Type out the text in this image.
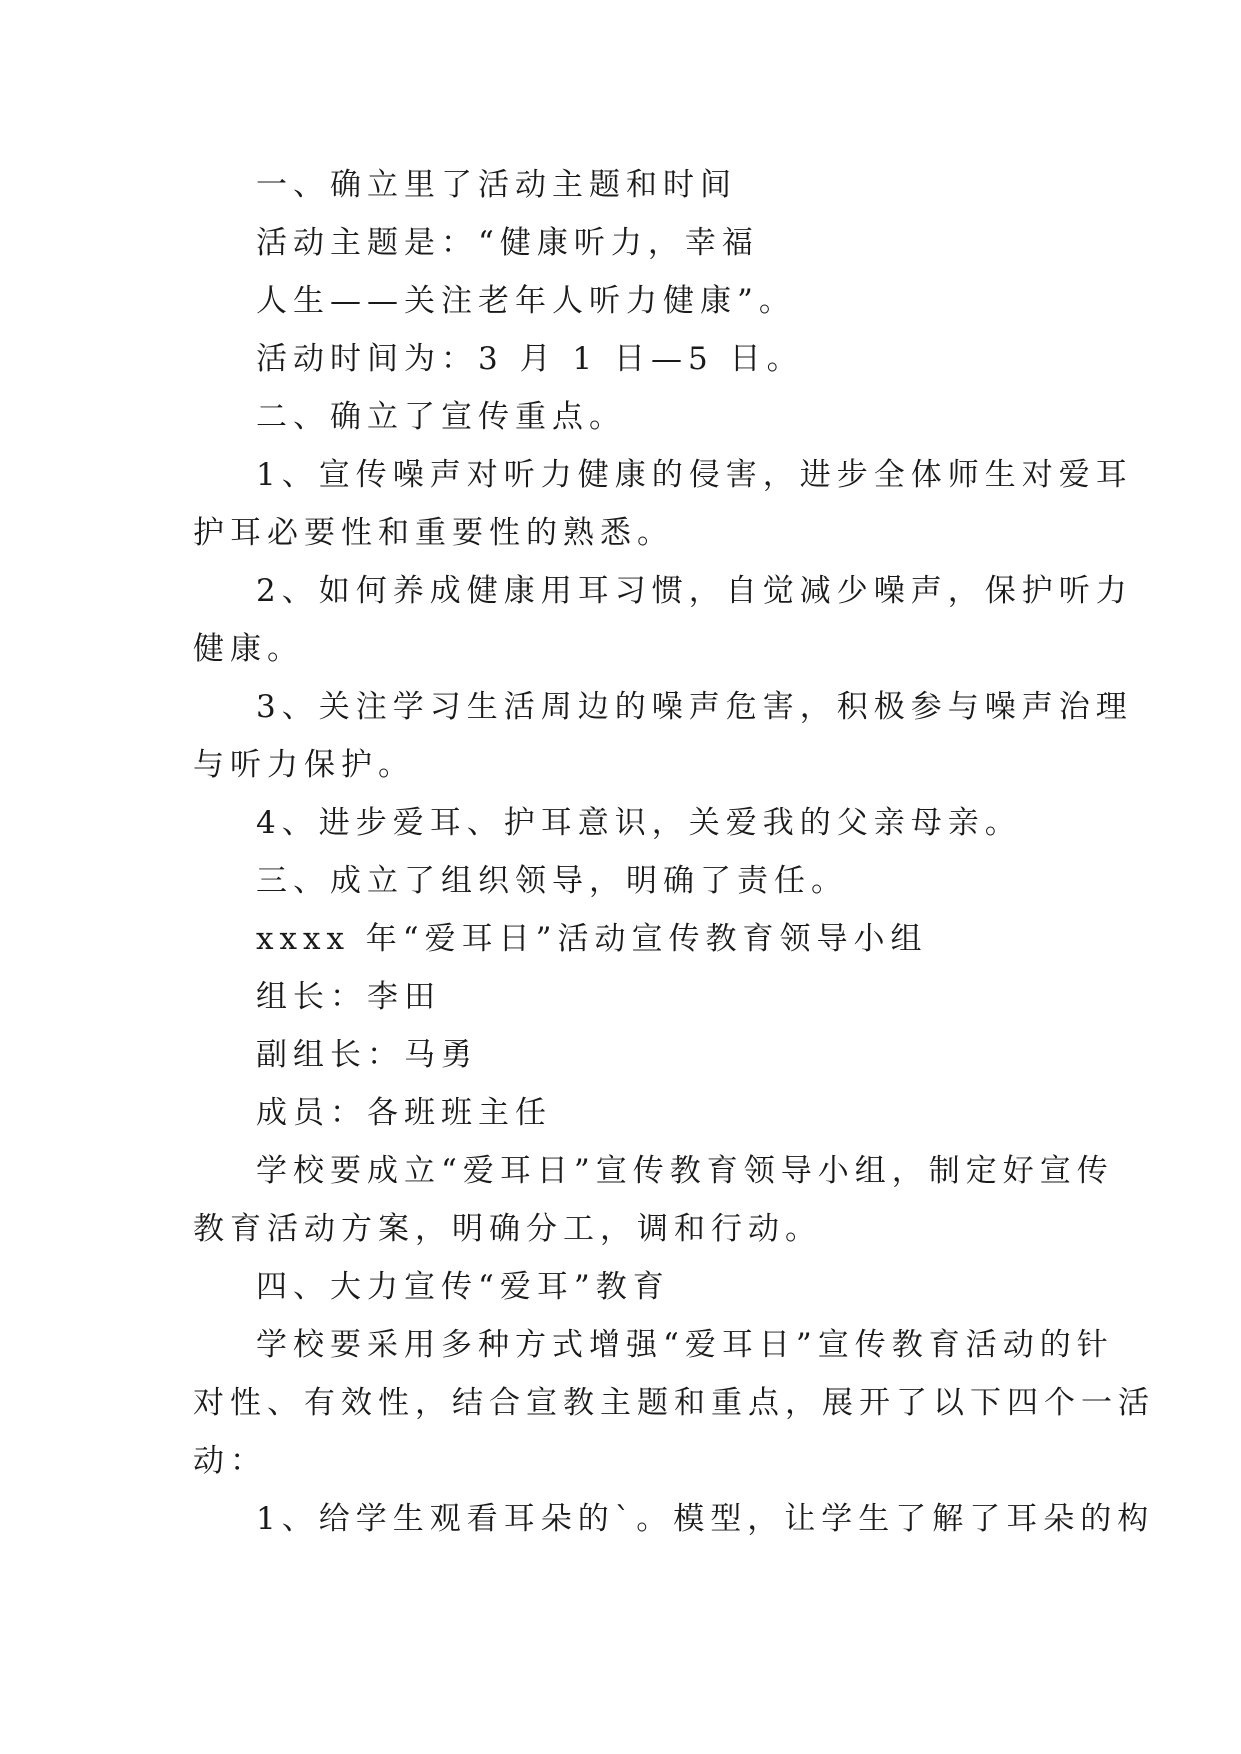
一、确立里了活动主题和时间
活动主题是：“健康听力，幸福
人生——关注老年人听力健康”。
活动时间为：3 月 1 日—5 日。
二、确立了宣传重点。
1、宣传噪声对听力健康的侵害，进步全体师生对爱耳
护耳必要性和重要性的熟悉。
2、如何养成健康用耳习惯，自觉减少噪声，保护听力
健康。
3、关注学习生活周边的噪声危害，积极参与噪声治理
与听力保护。
4、进步爱耳、护耳意识，关爱我的父亲母亲。
三、成立了组织领导，明确了责任。
xxxx 年“爱耳日”活动宣传教育领导小组
组长：李田
副组长：马勇
成员：各班班主任
学校要成立“爱耳日”宣传教育领导小组，制定好宣传
教育活动方案，明确分工，调和行动。
四、大力宣传“爱耳”教育
学校要采用多种方式增强“爱耳日”宣传教育活动的针
对性、有效性，结合宣教主题和重点，展开了以下四个一活
动：
1、给学生观看耳朵的`。模型，让学生了解了耳朵的构
